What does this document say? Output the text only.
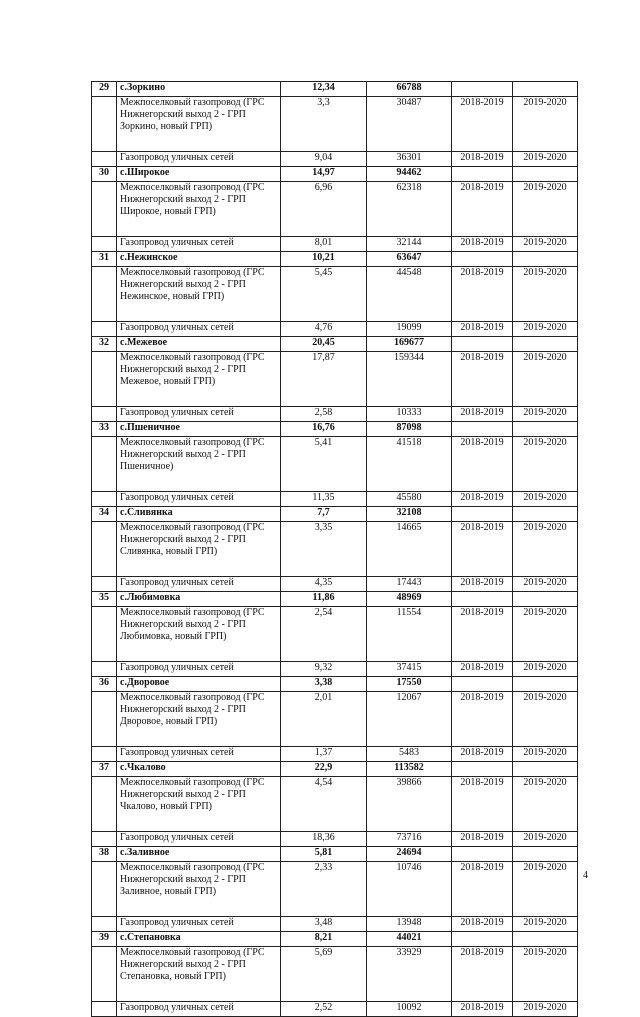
29	с.Зоркино	12,34	66788		
	Межпоселковый газопровод (ГРС Нижнегорский выход 2 - ГРП Зоркино, новый ГРП)	3,3	30487	2018-2019	2019-2020
	Газопровод уличных сетей	9,04	36301	2018-2019	2019-2020
30	с.Широкое	14,97	94462		
	Межпоселковый газопровод (ГРС Нижнегорский выход 2 - ГРП Широкое, новый ГРП)	6,96	62318	2018-2019	2019-2020
	Газопровод уличных сетей	8,01	32144	2018-2019	2019-2020
31	с.Нежинское	10,21	63647		
	Межпоселковый газопровод (ГРС Нижнегорский выход 2 - ГРП Нежинское, новый ГРП)	5,45	44548	2018-2019	2019-2020
	Газопровод уличных сетей	4,76	19099	2018-2019	2019-2020
32	с.Межевое	20,45	169677		
	Межпоселковый газопровод (ГРС Нижнегорский выход 2 - ГРП Межевое, новый ГРП)	17,87	159344	2018-2019	2019-2020
	Газопровод уличных сетей	2,58	10333	2018-2019	2019-2020
33	с.Пшеничное	16,76	87098		
	Межпоселковый газопровод (ГРС Нижнегорский выход 2 - ГРП Пшеничное)	5,41	41518	2018-2019	2019-2020
	Газопровод уличных сетей	11,35	45580	2018-2019	2019-2020
34	с.Сливянка	7,7	32108		
	Межпоселковый газопровод (ГРС Нижнегорский выход 2 - ГРП Сливянка, новый ГРП)	3,35	14665	2018-2019	2019-2020
	Газопровод уличных сетей	4,35	17443	2018-2019	2019-2020
35	с.Любимовка	11,86	48969		
	Межпоселковый газопровод (ГРС Нижнегорский выход 2 - ГРП Любимовка, новый ГРП)	2,54	11554	2018-2019	2019-2020
	Газопровод уличных сетей	9,32	37415	2018-2019	2019-2020
36	с.Дворовое	3,38	17550		
	Межпоселковый газопровод (ГРС Нижнегорский выход 2 - ГРП Дворовое, новый ГРП)	2,01	12067	2018-2019	2019-2020
	Газопровод уличных сетей	1,37	5483	2018-2019	2019-2020
37	с.Чкалово	22,9	113582		
	Межпоселковый газопровод (ГРС Нижнегорский выход 2 - ГРП Чкалово, новый ГРП)	4,54	39866	2018-2019	2019-2020
	Газопровод уличных сетей	18,36	73716	2018-2019	2019-2020
38	с.Заливное	5,81	24694		
	Межпоселковый газопровод (ГРС Нижнегорский выход 2 - ГРП Заливное, новый ГРП)	2,33	10746	2018-2019	2019-2020
	Газопровод уличных сетей	3,48	13948	2018-2019	2019-2020
39	с.Степановка	8,21	44021		
	Межпоселковый газопровод (ГРС Нижнегорский выход 2 - ГРП Степановка, новый ГРП)	5,69	33929	2018-2019	2019-2020
	Газопровод уличных сетей	2,52	10092	2018-2019	2019-2020
4
